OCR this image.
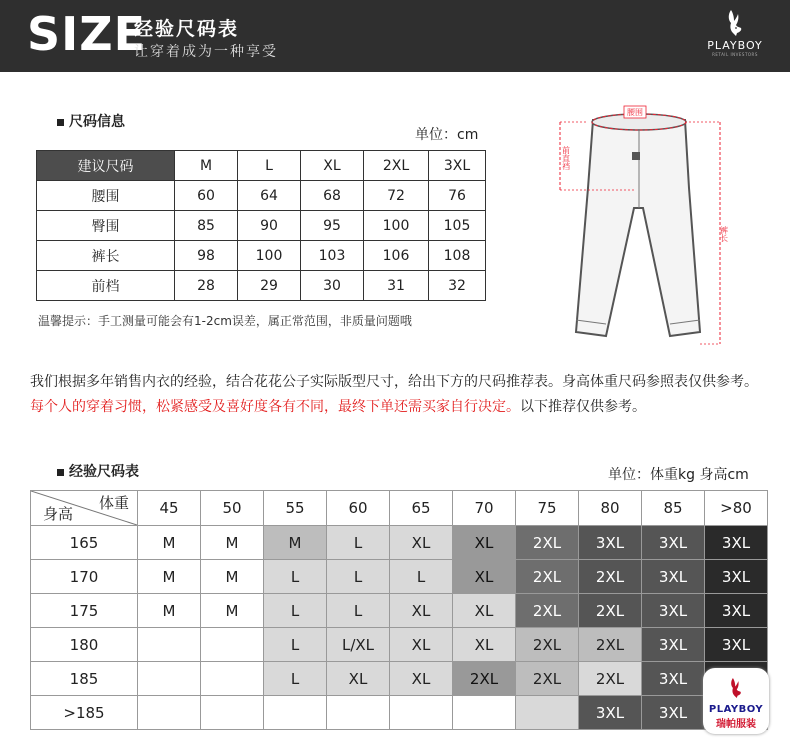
SIZE
经验尺码表
让穿着成为一种享受	PLAYBOY
RETAIL INVESTORS
尺码信息
单位：cm
建议尺码	M	L	XL	2XL	3XL
腰围	60	64	68	72	76
臀围	85	90	95	100	105
裤长	98	100	103	106	108
前档	28	29	30	31	32
温馨提示：手工测量可能会有1-2cm误差，属正常范围，非质量问题哦
腰围
前直裆
裤长
我们根据多年销售内衣的经验，结合花花公子实际版型尺寸，给出下方的尺码推荐表。身高体重尺码参照表仅供参考。每个人的穿着习惯，松紧感受及喜好度各有不同，最终下单还需买家自行决定。以下推荐仅供参考。
经验尺码表	单位：体重kg 身高cm
体重
身高	45	50	55	60	65	70	75	80	85	>80
165	M	M	M	L	XL	XL	2XL	3XL	3XL	3XL
170	M	M	L	L	L	XL	2XL	2XL	3XL	3XL
175	M	M	L	L	XL	XL	2XL	2XL	3XL	3XL
180			L	L/XL	XL	XL	2XL	2XL	3XL	3XL
185			L	XL	XL	2XL	2XL	2XL	3XL	
>185								3XL	3XL		PLAYBOY
瑞帕服装
